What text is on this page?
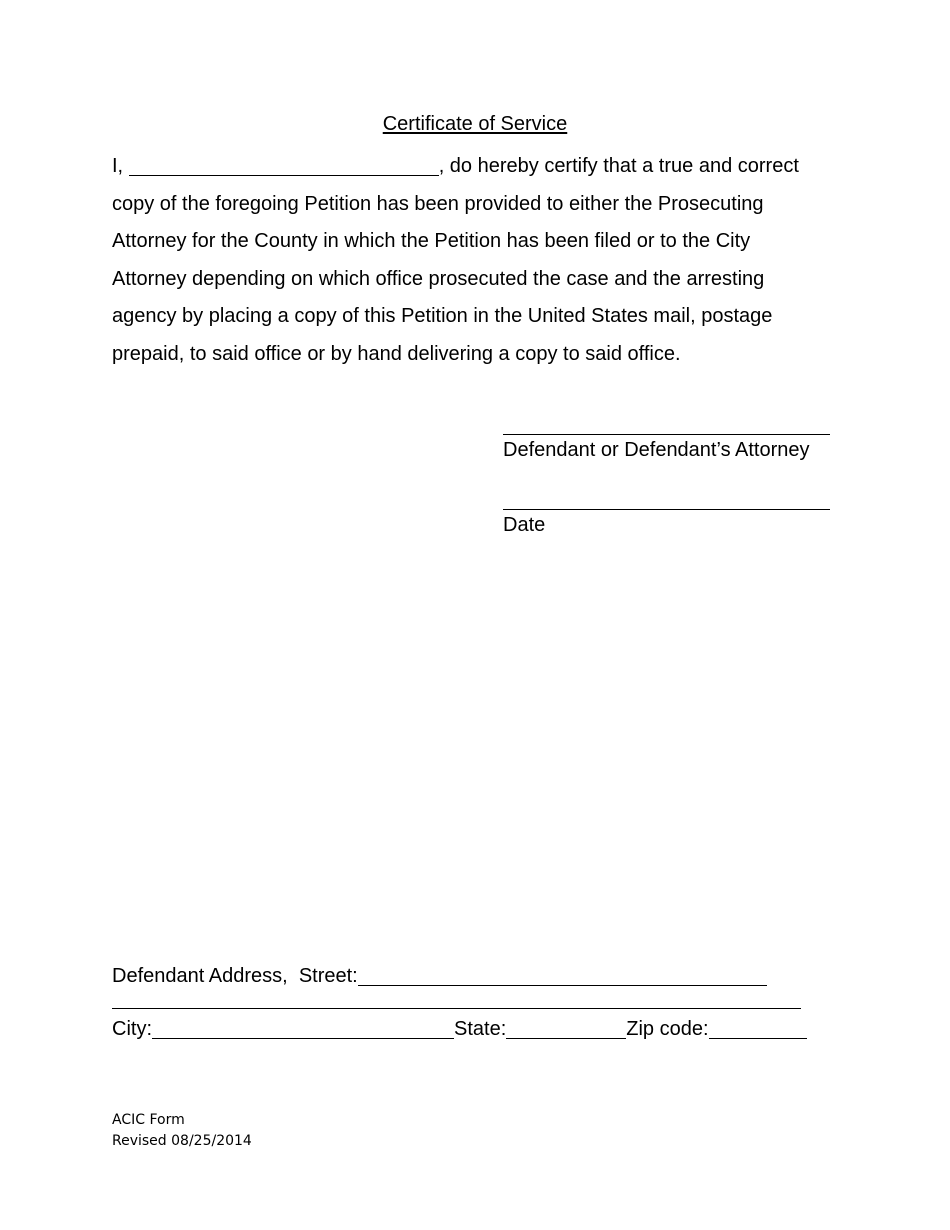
Certificate of Service
I,	, do hereby certify that a true and correct
copy of the foregoing Petition has been provided to either the Prosecuting
Attorney for the County in which the Petition has been filed or to the City
Attorney depending on which office prosecuted the case and the arresting
agency by placing a copy of this Petition in the United States mail, postage
prepaid, to said office or by hand delivering a copy to said office.
Defendant or Defendant’s Attorney
Date
Defendant Address, Street:
City:	State:	Zip code:
ACIC Form
Revised 08/25/2014
